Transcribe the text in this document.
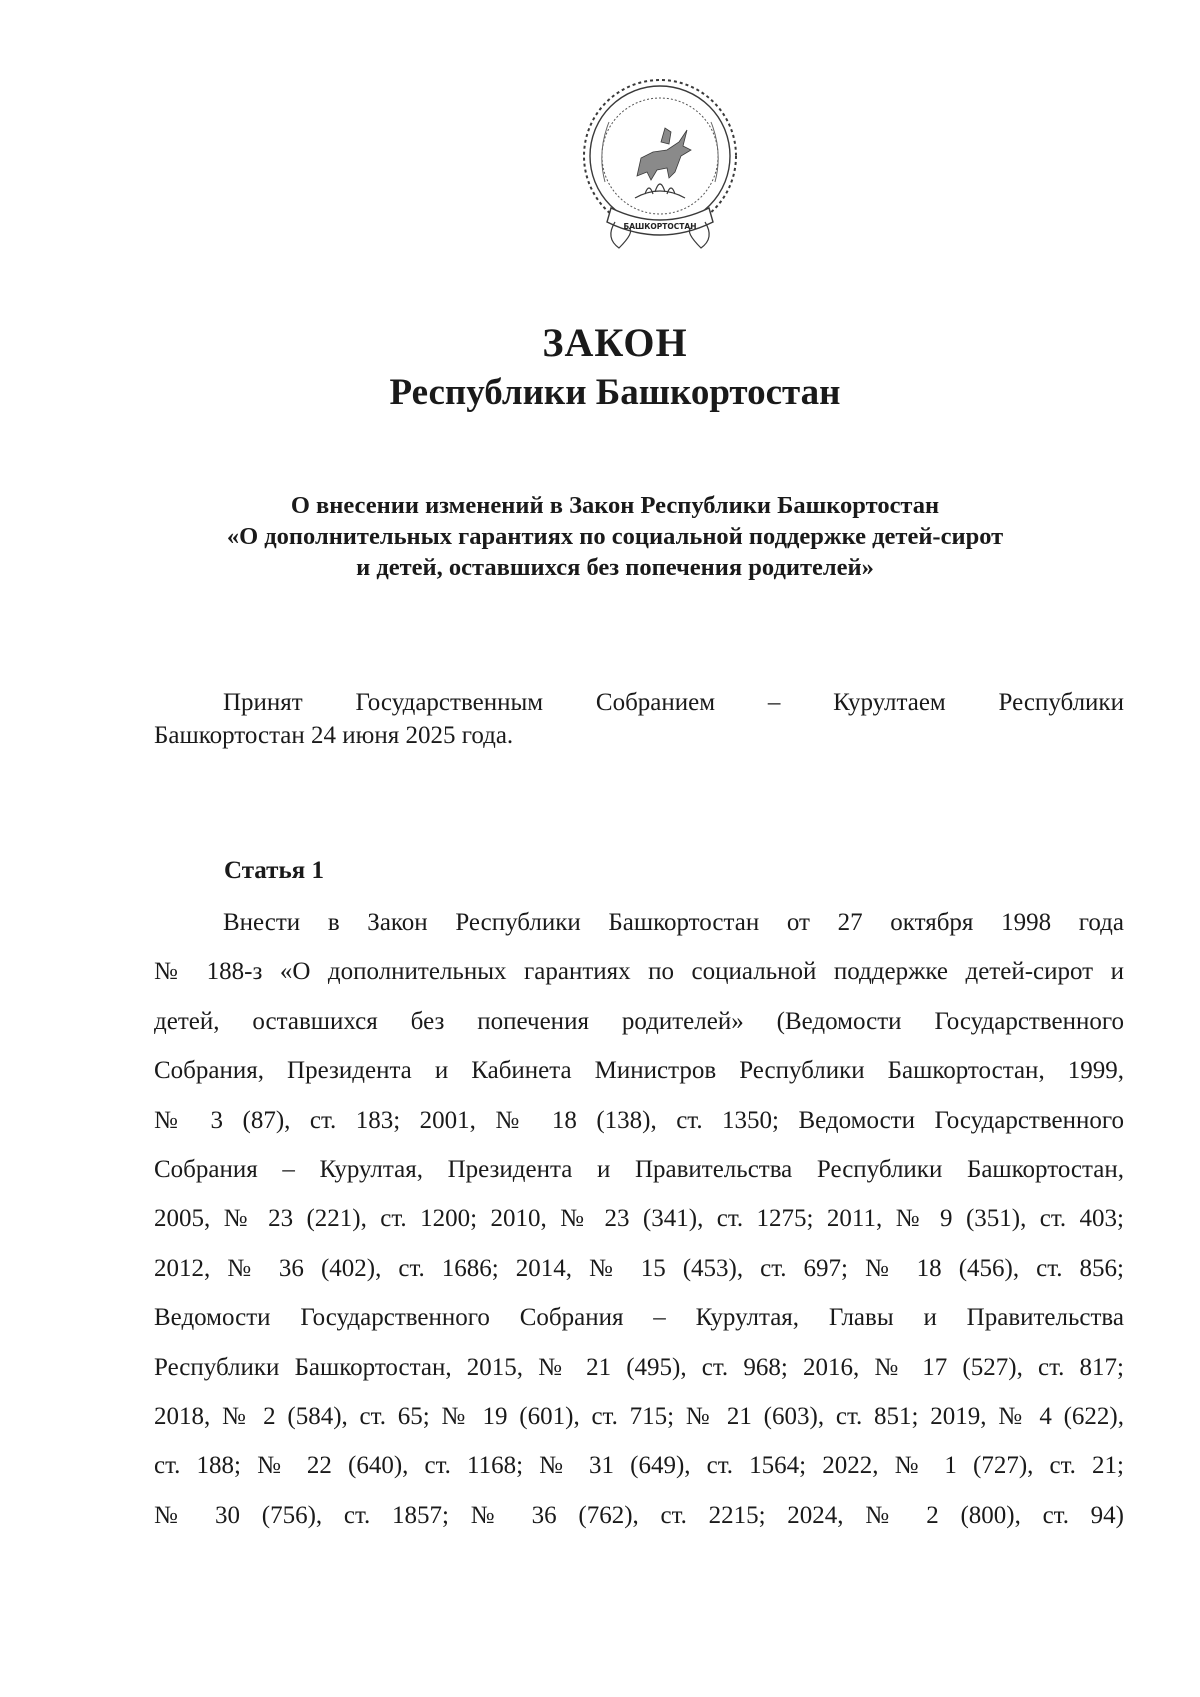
БАШКОРТОСТАН
ЗАКОН
Республики Башкортостан
О внесении изменений в Закон Республики Башкортостан
«О дополнительных гарантиях по социальной поддержке детей-сирот
и детей, оставшихся без попечения родителей»
Принят Государственным Собранием – Курултаем Республики
Башкортостан 24 июня 2025 года.
Статья 1
Внести в Закон Республики Башкортостан от 27 октября 1998 года
№ 188-з «О дополнительных гарантиях по социальной поддержке детей-сирот и
детей, оставшихся без попечения родителей» (Ведомости Государственного
Собрания, Президента и Кабинета Министров Республики Башкортостан, 1999,
№ 3 (87), ст. 183; 2001, № 18 (138), ст. 1350; Ведомости Государственного
Собрания – Курултая, Президента и Правительства Республики Башкортостан,
2005, № 23 (221), ст. 1200; 2010, № 23 (341), ст. 1275; 2011, № 9 (351), ст. 403;
2012, № 36 (402), ст. 1686; 2014, № 15 (453), ст. 697; № 18 (456), ст. 856;
Ведомости Государственного Собрания – Курултая, Главы и Правительства
Республики Башкортостан, 2015, № 21 (495), ст. 968; 2016, № 17 (527), ст. 817;
2018, № 2 (584), ст. 65; № 19 (601), ст. 715; № 21 (603), ст. 851; 2019, № 4 (622),
ст. 188; № 22 (640), ст. 1168; № 31 (649), ст. 1564; 2022, № 1 (727), ст. 21;
№ 30 (756), ст. 1857; № 36 (762), ст. 2215; 2024, № 2 (800), ст. 94)
